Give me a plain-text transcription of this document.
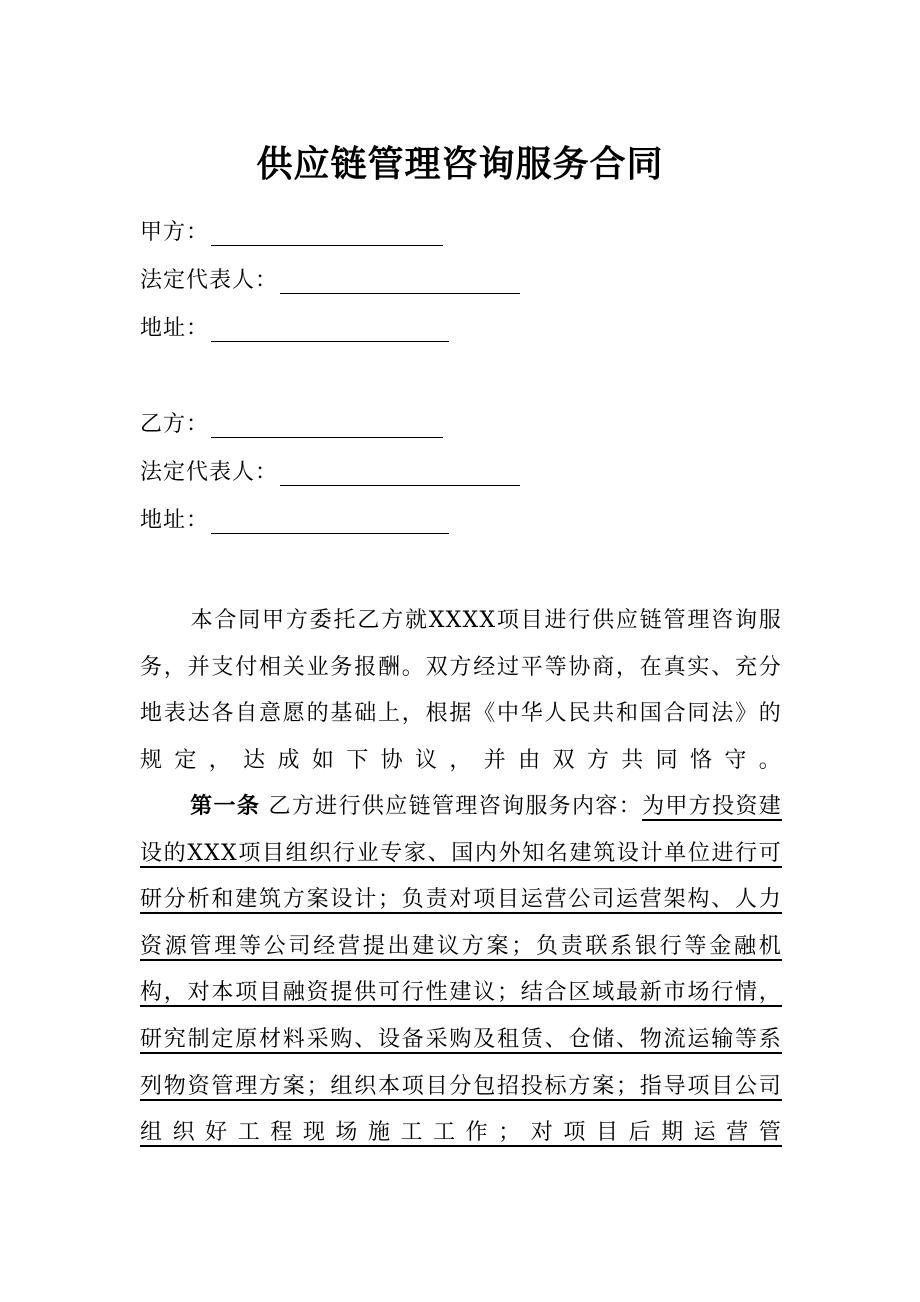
供应链管理咨询服务合同
甲方：
法定代表人：
地址：
乙方：
法定代表人：
地址：
本合同甲方委托乙方就XXXX项目进行供应链管理咨询服务，并支付相关业务报酬。双方经过平等协商，在真实、充分地表达各自意愿的基础上，根据《中华人民共和国合同法》的规定，达成如下协议，并由双方共同恪守。
第一条 乙方进行供应链管理咨询服务内容：为甲方投资建设的XXX项目组织行业专家、国内外知名建筑设计单位进行可研分析和建筑方案设计；负责对项目运营公司运营架构、人力资源管理等公司经营提出建议方案；负责联系银行等金融机构，对本项目融资提供可行性建议；结合区域最新市场行情，研究制定原材料采购、设备采购及租赁、仓储、物流运输等系列物资管理方案；组织本项目分包招投标方案；指导项目公司组织好工程现场施工工作；对项目后期运营管
